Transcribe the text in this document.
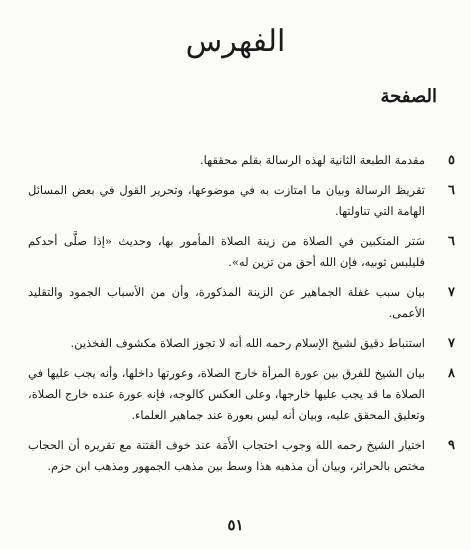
الفهرس
الصفحة
٥
مقدمة الطبعة الثانية لهذه الرسالة بقلم محققها.
٦
تقريظ الرسالة وبيان ما امتازت به في موضوعها، وتحرير القول في بعض المسائل الهامة التي تناولتها.
٦
سَتر المتكبين في الصلاة من زينة الصلاة المأمور بها، وحديث «إذا صلَّى أحدكم فليلبس ثوبيه، فإن الله أحق من تزين له».
٧
بيان سبب غفلة الجماهير عن الزينة المذكورة، وأن من الأسباب الجمود والتقليد الأعمى.
٧
استنباط دقيق لشيخ الإسلام رحمه الله أنه لا تجوز الصلاة مكشوف الفخذين.
٨
بيان الشيخ للفرق بين عورة المرأة خارج الصلاة، وعورتها داخلها، وأنه يجب عليها في الصلاة ما قد يجب عليها خارجها، وعلى العكس كالوجه، فإنه عورة عنده خارج الصلاة، وتعليق المحقق عليه، وبيان أنه ليس بعورة عند جماهير العلماء.
٩
اختيار الشيخ رحمه الله وجوب احتجاب الأَمَة عند خوف الفتنة مع تقريره أن الحجاب مختص بالحرائر، وبيان أن مذهبه هذا وسط بين مذهب الجمهور ومذهب ابن حزم.
٥١
